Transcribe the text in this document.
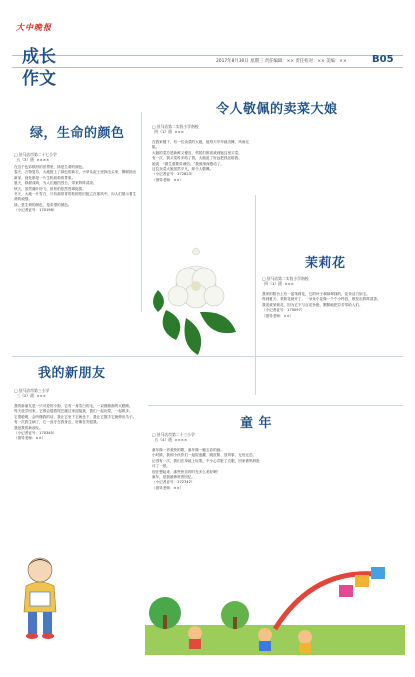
大中晚报
成长
作文
2017年8月30日 星期三 责任编辑：×× 责任校对：×× 美编：××	B05
绿，生命的颜色
□ 驻马店市第二十七小学
五（3）班  ××××
在这个色彩缤纷的世界里，绿是生命的颜色。
春天，万物复苏，大地披上了绿色的新衣，小草从泥土里探出头来，柳树抽出新芽，到处都是一片生机勃勃的景象。
夏天，绿树成荫，为人们遮挡烈日，带来阵阵清凉。
秋天，虽然落叶纷飞，但松柏依然苍翠挺拔。
冬天，大地一片雪白，只有那常青的松树依旧挺立在寒风中，向人们展示着生命的顽强。
绿，是生命的颜色，是希望的颜色。
（小记者证号：170196）
令人敬佩的卖菜大娘
□ 驻马店第二实验小学南校
四（1）班  ×××
在我家楼下，有一位卖菜的大娘，她每天早早就出摊，风雨无阻。
大娘的菜总是新鲜又便宜，邻居们都喜欢到她这里买菜。
有一次，我买菜时多给了钱，大娘追了好远把钱还给我。
她说：“做生意要讲诚信。”我被深深感动了。
这位卖菜大娘虽然平凡，却令人敬佩。
（小记者证号：172823）
（指导老师：××）
茉莉花
□ 驻马店第二实验小学南校
四（1）班  ×××
我家的阳台上有一盆茉莉花，它的叶子翠绿翠绿的，花朵洁白如玉。
每到夏天，茉莉花就开了，一朵朵小花像一个个小铃铛，散发出阵阵清香。
我喜欢茉莉花，因为它不与百花争艳，默默地把芬芳带给人们。
（小记者证号：170097）
（指导老师：××）
我的新朋友
□ 驻马店市第三小学
三（2）班  ×××
我的新朋友是一只可爱的小狗，它有一身雪白的毛，一双圆溜溜的大眼睛。
每天放学回家，它都会摇着尾巴跑过来迎接我，我们一起玩耍，一起散步。
它很聪明，会听懂我的话，我让它坐下它就坐下，我让它握手它就伸出爪子。
有一次我生病了，它一直守在我身边，好像在安慰我。
我爱我的新朋友。
（小记者证号：170340）
（指导老师：××）
童 年
□ 驻马店市第二十三小学
五（4）班  ××××
童年像一首欢快的歌，童年像一幅五彩的画。
小时候，我和小伙伴们一起捉迷藏、跳皮筋、放风筝，无忧无虑。
记得有一次，我们在草地上玩耍，不小心弄脏了衣服，回家被妈妈批评了一顿。
现在想起来，那些快乐的时光多么美好啊！
童年，是我最珍贵的回忆。
（小记者证号：172742）
（指导老师：××）
